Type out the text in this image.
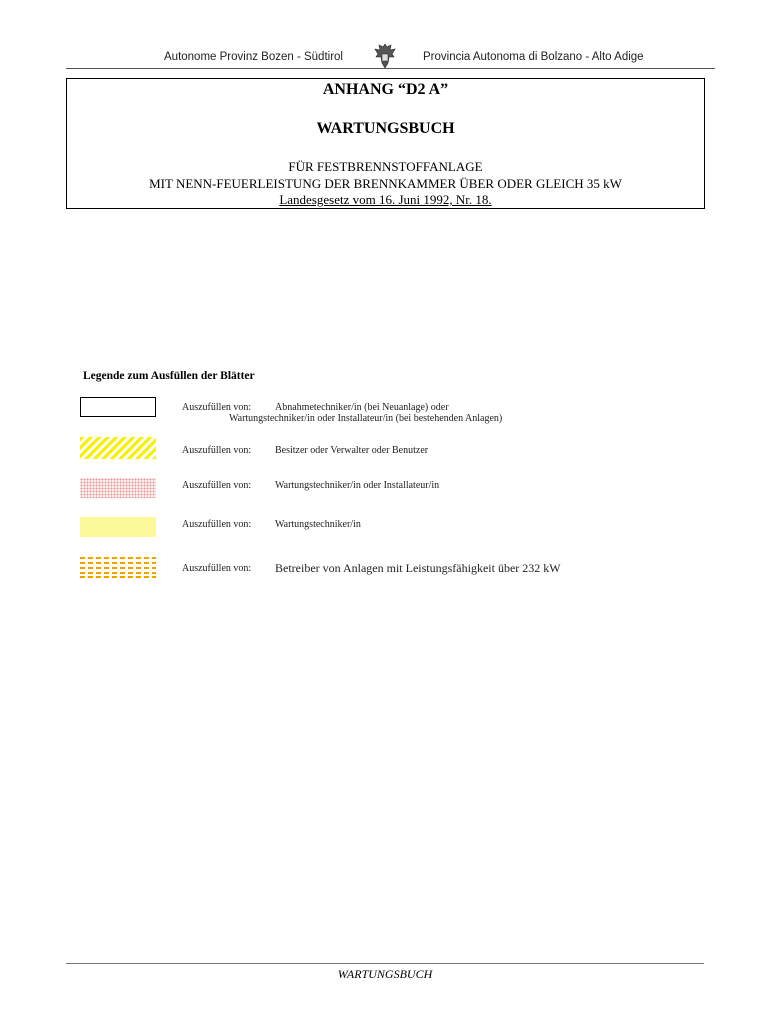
Autonome Provinz Bozen - Südtirol	Provincia Autonoma di Bolzano - Alto Adige
ANHANG “D2 A”
WARTUNGSBUCH
FÜR FESTBRENNSTOFFANLAGE
MIT NENN-FEUERLEISTUNG DER BRENNKAMMER ÜBER ODER GLEICH 35 kW
Landesgesetz vom 16. Juni 1992, Nr. 18.
Legende zum Ausfüllen der Blätter
Auszufüllen von: Abnahmetechniker/in (bei Neuanlage) oder
Wartungstechniker/in oder Installateur/in (bei bestehenden Anlagen)
Auszufüllen von: Besitzer oder Verwalter oder Benutzer
Auszufüllen von: Wartungstechniker/in oder Installateur/in
Auszufüllen von: Wartungstechniker/in
Auszufüllen von: Betreiber von Anlagen mit Leistungsfähigkeit über 232 kW
WARTUNGSBUCH
